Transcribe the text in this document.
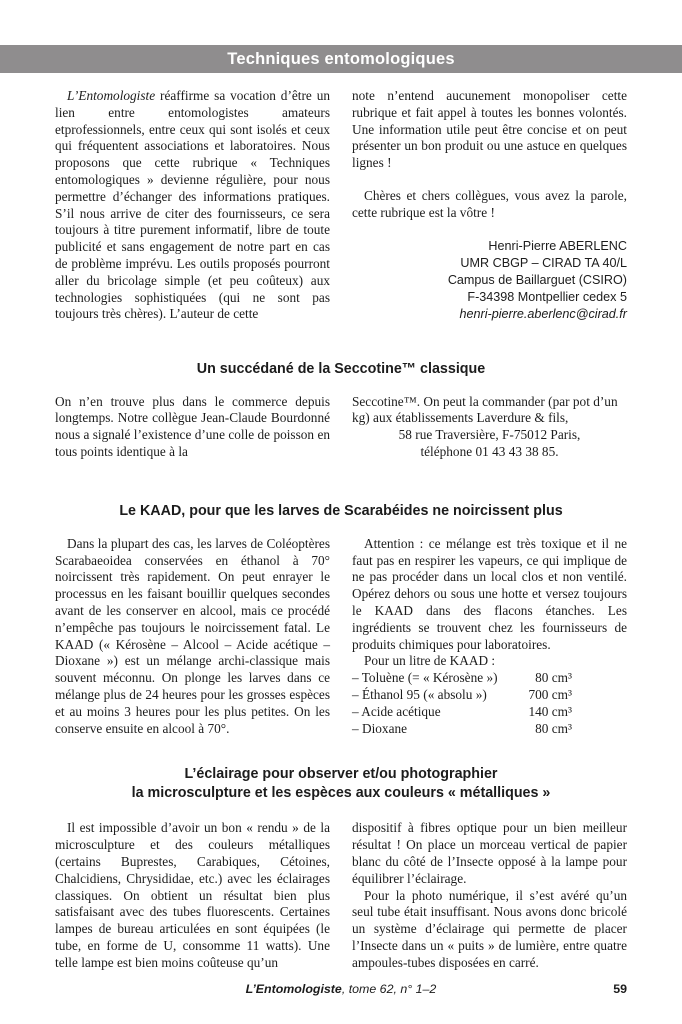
Techniques entomologiques

L’Entomologiste réaffirme sa vocation d’être un lien entre entomologistes amateurs etprofessionnels, entre ceux qui sont isolés et ceux qui fréquentent associations et laboratoires. Nous proposons que cette rubrique « Techniques entomologiques » devienne régulière, pour nous permettre d’échanger des informations pratiques. S’il nous arrive de citer des fournisseurs, ce sera toujours à titre purement informatif, libre de toute publicité et sans engagement de notre part en cas de problème imprévu. Les outils proposés pourront aller du bricolage simple (et peu coûteux) aux technologies sophistiquées (qui ne sont pas toujours très chères). L’auteur de cette

note n’entend aucunement monopoliser cette rubrique et fait appel à toutes les bonnes volontés. Une information utile peut être concise et on peut présenter un bon produit ou une astuce en quelques lignes !

Chères et chers collègues, vous avez la parole, cette rubrique est la vôtre !

Henri-Pierre ABERLENC
UMR CBGP – CIRAD TA 40/L
Campus de Baillarguet (CSIRO)
F-34398 Montpellier cedex 5
henri-pierre.aberlenc@cirad.fr
Un succédané de la Seccotine™ classique

On n’en trouve plus dans le commerce depuis longtemps. Notre collègue Jean-Claude Bourdonné nous a signalé l’existence d’une colle de poisson en tous points identique à la

Seccotine™. On peut la commander (par pot d’un kg) aux établissements Laverdure & fils,

58 rue Traversière, F-75012 Paris,
téléphone 01 43 43 38 85.
Le KAAD, pour que les larves de Scarabéides ne noircissent plus

Dans la plupart des cas, les larves de Coléoptères Scarabaeoidea conservées en éthanol à 70° noircissent très rapidement. On peut enrayer le processus en les faisant bouillir quelques secondes avant de les conserver en alcool, mais ce procédé n’empêche pas toujours le noircissement fatal. Le KAAD (« Kérosène – Alcool – Acide acétique – Dioxane ») est un mélange archi-classique mais souvent méconnu. On plonge les larves dans ce mélange plus de 24 heures pour les grosses espèces et au moins 3 heures pour les plus petites. On les conserve ensuite en alcool à 70°.

Attention : ce mélange est très toxique et il ne faut pas en respirer les vapeurs, ce qui implique de ne pas procéder dans un local clos et non ventilé. Opérez dehors ou sous une hotte et versez toujours le KAAD dans des flacons étanches. Les ingrédients se trouvent chez les fournisseurs de produits chimiques pour laboratoires.

Pour un litre de KAAD :

– Toluène (= « Kérosène »)	80 cm³
– Éthanol 95 (« absolu »)	700 cm³
– Acide acétique	140 cm³
– Dioxane	80 cm³
L’éclairage pour observer et/ou photographier
la microsculpture et les espèces aux couleurs « métalliques »

Il est impossible d’avoir un bon « rendu » de la microsculpture et des couleurs métalliques (certains Buprestes, Carabiques, Cétoines, Chalcidiens, Chrysididae, etc.) avec les éclairages classiques. On obtient un résultat bien plus satisfaisant avec des tubes fluorescents. Certaines lampes de bureau articulées en sont équipées (le tube, en forme de U, consomme 11 watts). Une telle lampe est bien moins coûteuse qu’un

dispositif à fibres optique pour un bien meilleur résultat ! On place un morceau vertical de papier blanc du côté de l’Insecte opposé à la lampe pour équilibrer l’éclairage.

Pour la photo numérique, il s’est avéré qu’un seul tube était insuffisant. Nous avons donc bricolé un système d’éclairage qui permette de placer l’Insecte dans un « puits » de lumière, entre quatre ampoules-tubes disposées en carré.

L’Entomologiste, tome 62, n° 1–2	59
